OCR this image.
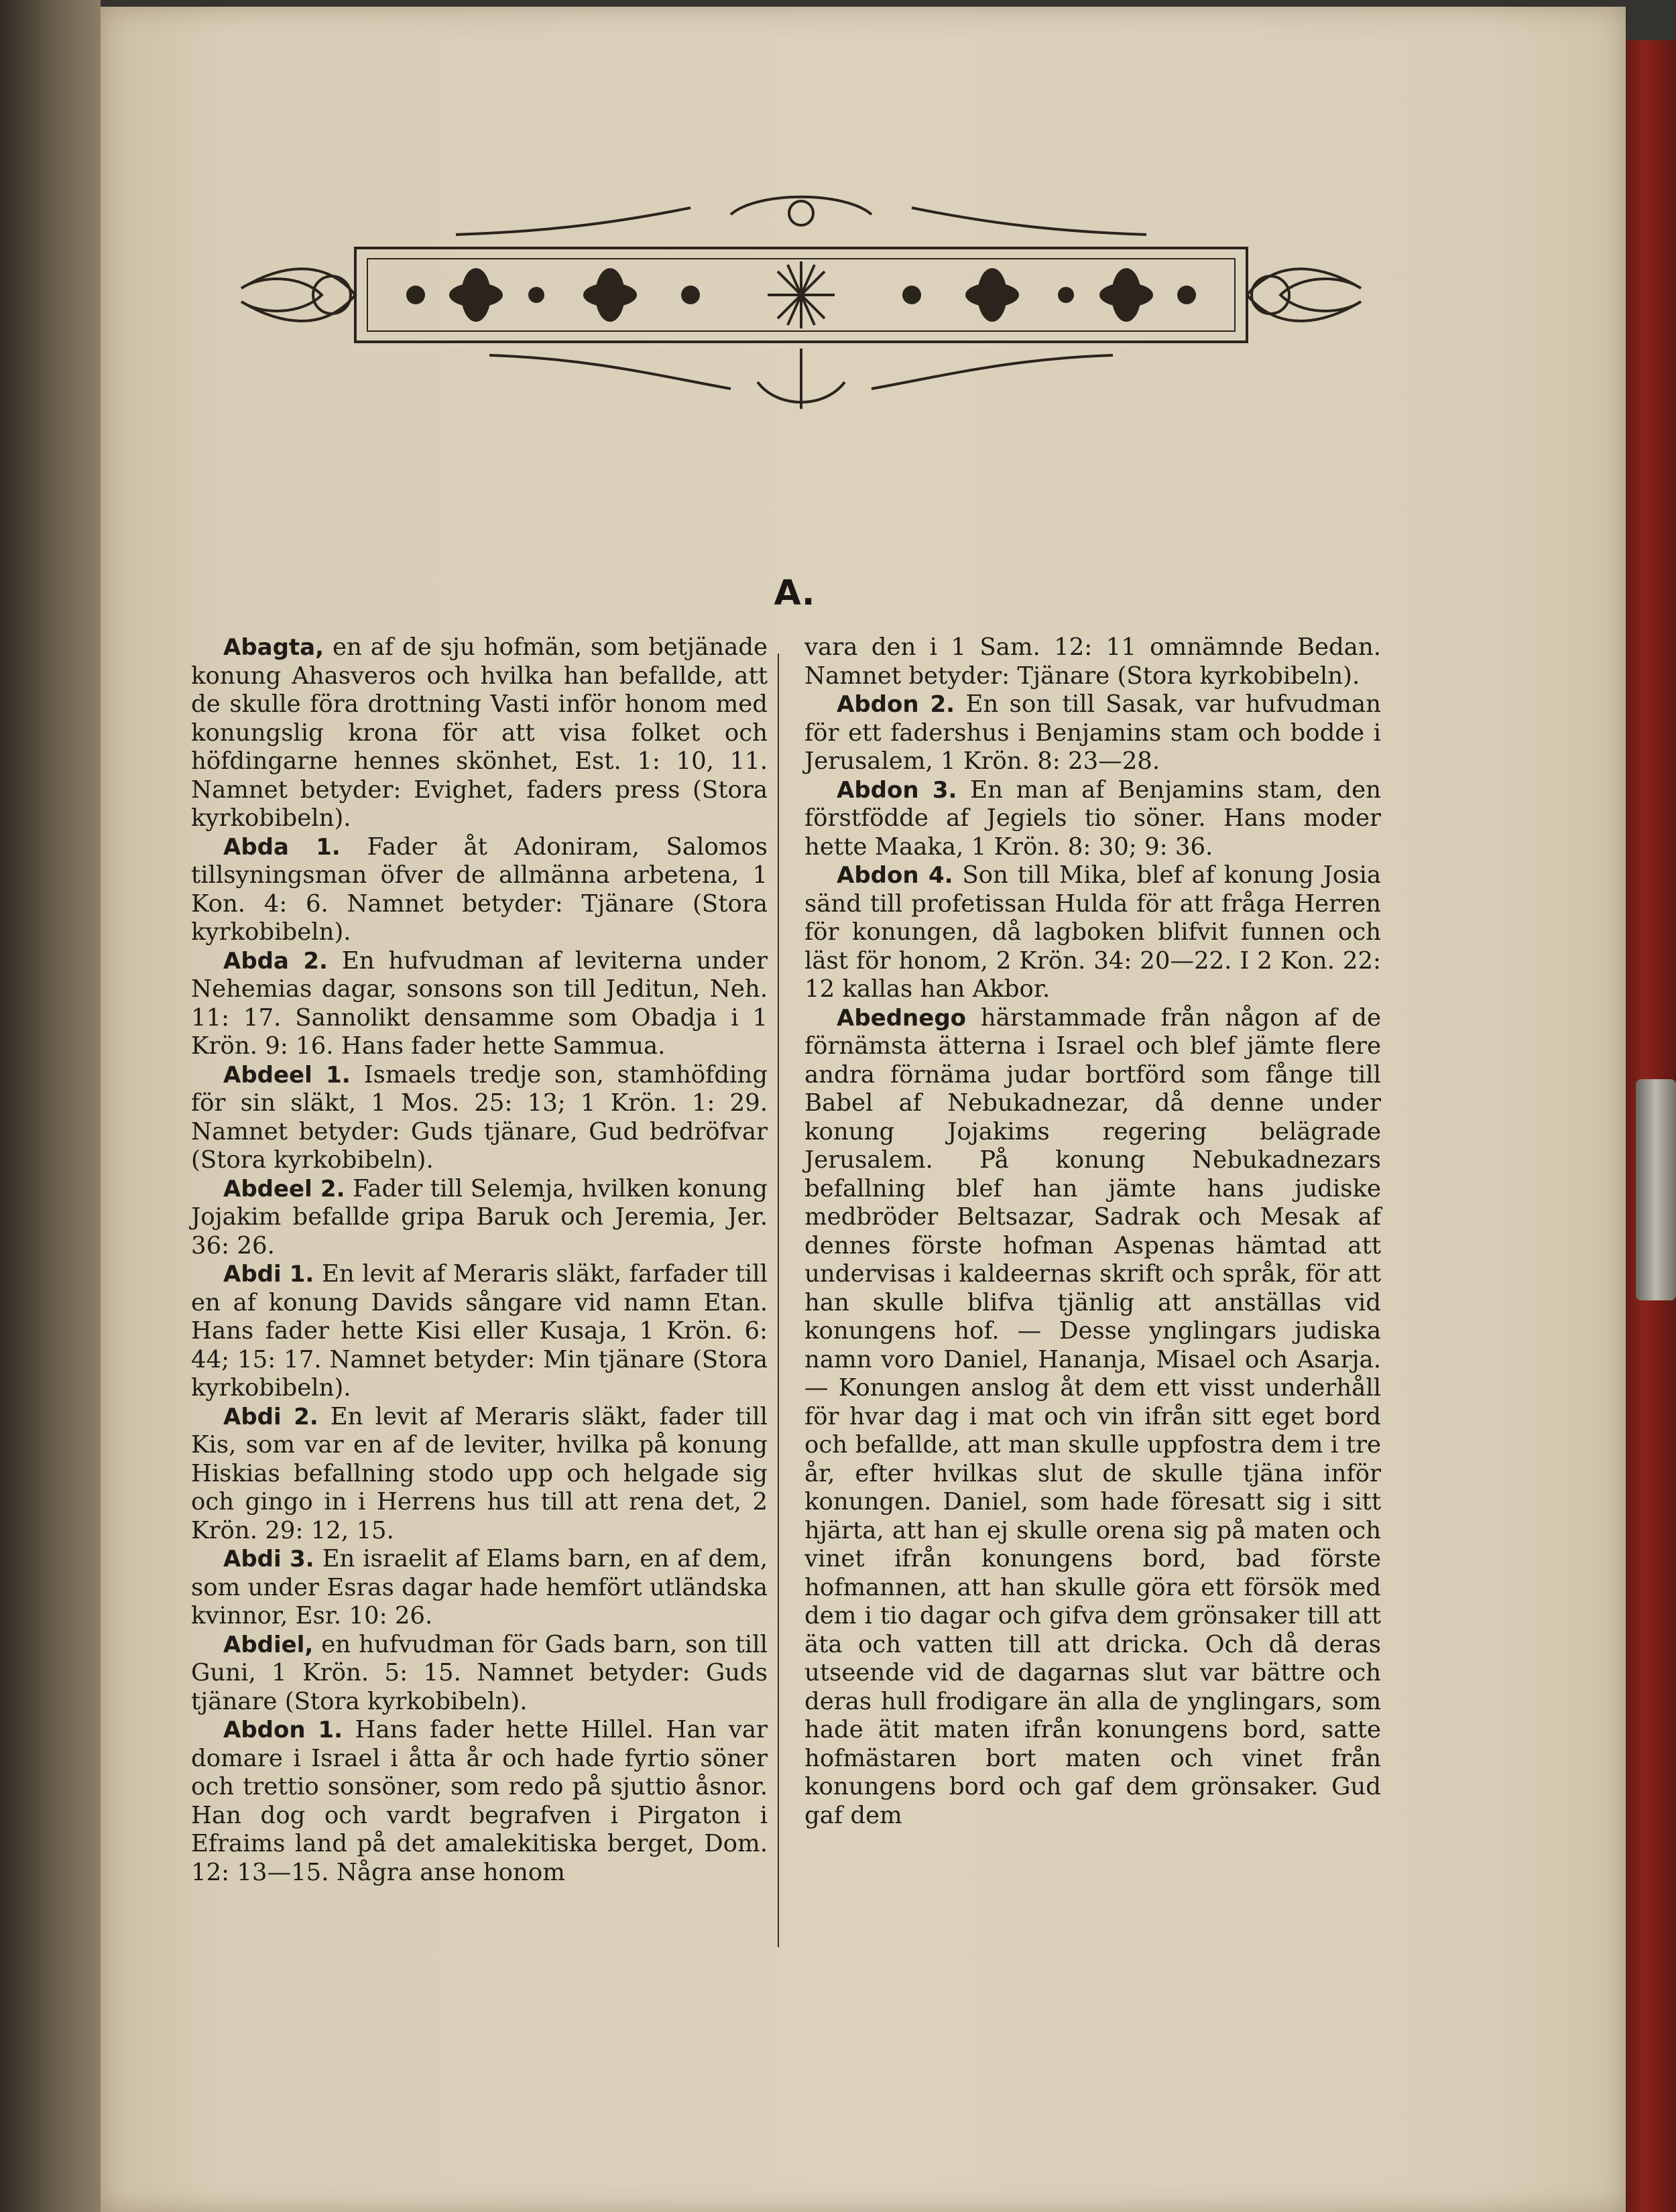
A.

Abagta, en af de sju hofmän, som betjänade konung Ahasveros och hvilka han befallde, att de skulle föra drottning Vasti inför honom med konungslig krona för att visa folket och höfdingarne hennes skönhet, Est. 1: 10, 11. Namnet betyder: Evighet, faders press (Stora kyrkobibeln).

Abda 1. Fader åt Adoniram, Salomos tillsyningsman öfver de allmänna arbetena, 1 Kon. 4: 6. Namnet betyder: Tjänare (Stora kyrkobibeln).

Abda 2. En hufvudman af leviterna under Nehemias dagar, sonsons son till Jeditun, Neh. 11: 17. Sannolikt densamme som Obadja i 1 Krön. 9: 16. Hans fader hette Sammua.

Abdeel 1. Ismaels tredje son, stamhöfding för sin släkt, 1 Mos. 25: 13; 1 Krön. 1: 29. Namnet betyder: Guds tjänare, Gud bedröfvar (Stora kyrkobibeln).

Abdeel 2. Fader till Selemja, hvilken konung Jojakim befallde gripa Baruk och Jeremia, Jer. 36: 26.

Abdi 1. En levit af Meraris släkt, farfader till en af konung Davids sångare vid namn Etan. Hans fader hette Kisi eller Kusaja, 1 Krön. 6: 44; 15: 17. Namnet betyder: Min tjänare (Stora kyrkobibeln).

Abdi 2. En levit af Meraris släkt, fader till Kis, som var en af de leviter, hvilka på konung Hiskias befallning stodo upp och helgade sig och gingo in i Herrens hus till att rena det, 2 Krön. 29: 12, 15.

Abdi 3. En israelit af Elams barn, en af dem, som under Esras dagar hade hemfört utländska kvinnor, Esr. 10: 26.

Abdiel, en hufvudman för Gads barn, son till Guni, 1 Krön. 5: 15. Namnet betyder: Guds tjänare (Stora kyrkobibeln).

Abdon 1. Hans fader hette Hillel. Han var domare i Israel i åtta år och hade fyrtio söner och trettio sonsöner, som redo på sjuttio åsnor. Han dog och vardt begrafven i Pirgaton i Efraims land på det amalekitiska berget, Dom. 12: 13—15. Några anse honom

vara den i 1 Sam. 12: 11 omnämnde Bedan. Namnet betyder: Tjänare (Stora kyrkobibeln).

Abdon 2. En son till Sasak, var hufvudman för ett fadershus i Benjamins stam och bodde i Jerusalem, 1 Krön. 8: 23—28.

Abdon 3. En man af Benjamins stam, den förstfödde af Jegiels tio söner. Hans moder hette Maaka, 1 Krön. 8: 30; 9: 36.

Abdon 4. Son till Mika, blef af konung Josia sänd till profetissan Hulda för att fråga Herren för konungen, då lagboken blifvit funnen och läst för honom, 2 Krön. 34: 20—22. I 2 Kon. 22: 12 kallas han Akbor.

Abednego härstammade från någon af de förnämsta ätterna i Israel och blef jämte flere andra förnäma judar bortförd som fånge till Babel af Nebukadnezar, då denne under konung Jojakims regering belägrade Jerusalem. På konung Nebukadnezars befallning blef han jämte hans judiske medbröder Beltsazar, Sadrak och Mesak af dennes förste hofman Aspenas hämtad att undervisas i kaldeernas skrift och språk, för att han skulle blifva tjänlig att anställas vid konungens hof. — Desse ynglingars judiska namn voro Daniel, Hananja, Misael och Asarja. — Konungen anslog åt dem ett visst underhåll för hvar dag i mat och vin ifrån sitt eget bord och befallde, att man skulle uppfostra dem i tre år, efter hvilkas slut de skulle tjäna inför konungen. Daniel, som hade föresatt sig i sitt hjärta, att han ej skulle orena sig på maten och vinet ifrån konungens bord, bad förste hofmannen, att han skulle göra ett försök med dem i tio dagar och gifva dem grönsaker till att äta och vatten till att dricka. Och då deras utseende vid de dagarnas slut var bättre och deras hull frodigare än alla de ynglingars, som hade ätit maten ifrån konungens bord, satte hofmästaren bort maten och vinet från konungens bord och gaf dem grönsaker. Gud gaf dem
